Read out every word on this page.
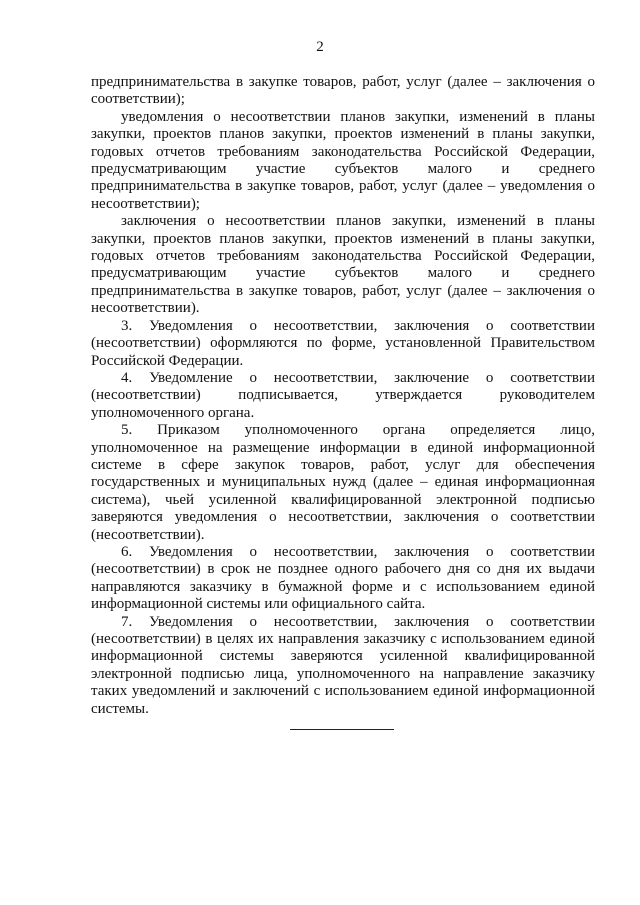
2

предпринимательства в закупке товаров, работ, услуг (далее – заключения о соответствии);

уведомления о несоответствии планов закупки, изменений в планы закупки, проектов планов закупки, проектов изменений в планы закупки, годовых отчетов требованиям законодательства Российской Федерации, предусматривающим участие субъектов малого и среднего предпринимательства в закупке товаров, работ, услуг (далее – уведомления о несоответствии);

заключения о несоответствии планов закупки, изменений в планы закупки, проектов планов закупки, проектов изменений в планы закупки, годовых отчетов требованиям законодательства Российской Федерации, предусматривающим участие субъектов малого и среднего предпринимательства в закупке товаров, работ, услуг (далее – заключения о несоответствии).

3. Уведомления о несоответствии, заключения о соответствии (несоответствии) оформляются по форме, установленной Правительством Российской Федерации.

4. Уведомление о несоответствии, заключение о соответствии (несоответствии) подписывается, утверждается руководителем уполномоченного органа.

5. Приказом уполномоченного органа определяется лицо, уполномоченное на размещение информации в единой информационной системе в сфере закупок товаров, работ, услуг для обеспечения государственных и муниципальных нужд (далее – единая информационная система), чьей усиленной квалифицированной электронной подписью заверяются уведомления о несоответствии, заключения о соответствии (несоответствии).

6. Уведомления о несоответствии, заключения о соответствии (несоответствии) в срок не позднее одного рабочего дня со дня их выдачи направляются заказчику в бумажной форме и с использованием единой информационной системы или официального сайта.

7. Уведомления о несоответствии, заключения о соответствии (несоответствии) в целях их направления заказчику с использованием единой информационной системы заверяются усиленной квалифицированной электронной подписью лица, уполномоченного на направление заказчику таких уведомлений и заключений с использованием единой информационной системы.
